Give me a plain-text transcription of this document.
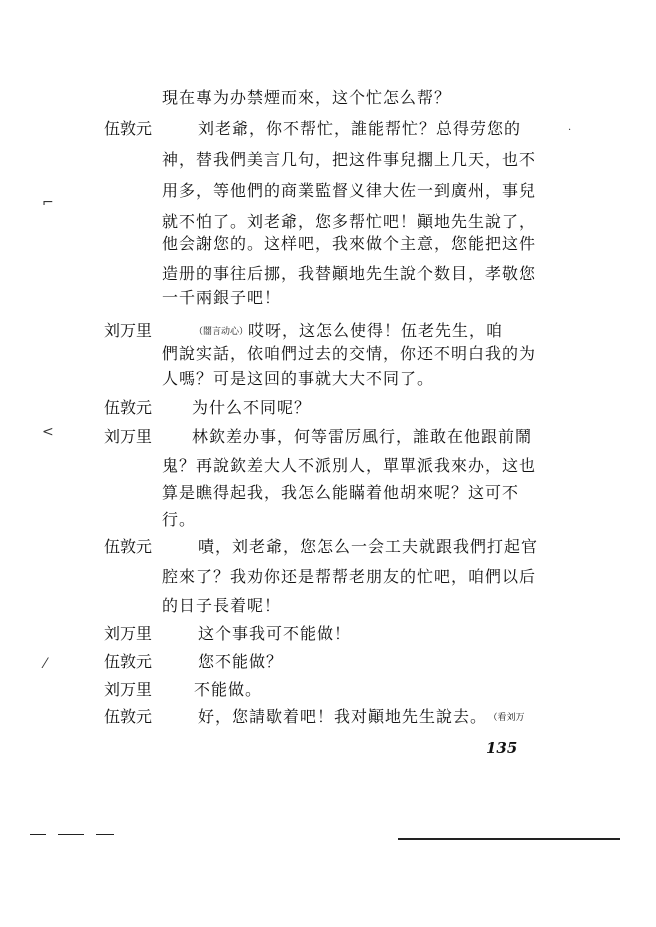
現在專为办禁煙而來，这个忙怎么帮？
伍敦元	刘老爺，你不帮忙，誰能帮忙？总得劳您的
神，替我們美言几句，把这件事兒擱上几天，也不
用多，等他們的商業監督义律大佐一到廣州，事兒
就不怕了。刘老爺，您多帮忙吧！顚地先生說了，
他会謝您的。这样吧，我來做个主意，您能把这件
造册的事往后挪，我替顚地先生說个数目，孝敬您
一千兩銀子吧！
刘万里	（闇言动心）哎呀，这怎么使得！伍老先生，咱
們說实話，依咱們过去的交情，你还不明白我的为
人嗎？可是这回的事就大大不同了。
伍敦元 为什么不同呢？
刘万里 林欽差办事，何等雷厉風行，誰敢在他跟前鬧
鬼？再說欽差大人不派別人，單單派我來办，这也
算是瞧得起我，我怎么能瞞着他胡來呢？这可不
行。
伍敦元	嘖，刘老爺，您怎么一会工夫就跟我們打起官
腔來了？我劝你还是帮帮老朋友的忙吧，咱們以后
的日子長着呢！
刘万里	这个事我可不能做！
伍敦元	您不能做？
刘万里	不能做。
伍敦元	好，您請歇着吧！我对顚地先生說去。 （看刘万
135
⌐
<
⁄
·
